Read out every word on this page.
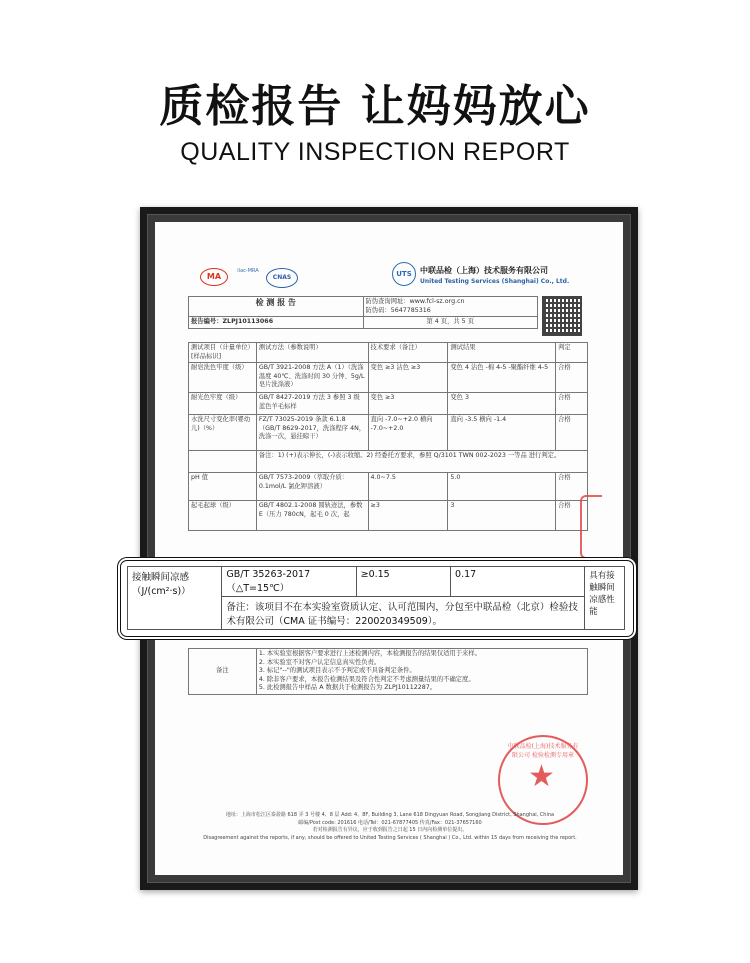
质检报告 让妈妈放心
QUALITY INSPECTION REPORT
MA
ilac-MRA
CNAS	UTS	中联品检（上海）技术服务有限公司
United Testing Services (Shanghai) Co., Ltd.
检 测 报 告	防伪查询网址：www.fcl-sz.org.cn
防伪码：5647785316

报告编号：ZLPJ10113066	第 4 页，共 5 页
测试项目（计量单位）[样品标识]	测试方法（参数说明）	技术要求（备注）	测试结果	判定
耐皂洗色牢度（级）	GB/T 3921-2008 方法 A（1）（洗涤温度 40℃、洗涤时间 30 分钟、5g/L 皂片洗涤液）	变色 ≥3 沾色 ≥3	变色 4 沾色 -棉 4-5 -聚酯纤维 4-5	合格
耐光色牢度（级）	GB/T 8427-2019 方法 3 参照 3 级蓝色羊毛标样	变色 ≥3	变色 3	合格
水洗尺寸变化率(婴幼儿)（%）	FZ/T 73025-2019 条款 6.1.8（GB/T 8629-2017，洗涤程序 4N，洗涤一次，悬挂晾干）	直向 -7.0~+2.0 横向 -7.0~+2.0	直向 -3.5 横向 -1.4	合格
	备注：1) (+)表示伸长，(-)表示收缩。2) 经委托方要求，参照 Q/3101 TWN 002-2023 一等品 进行判定。			
pH 值	GB/T 7573-2009（萃取介质：0.1mol/L 氯化钾溶液）	4.0~7.5	5.0	合格
起毛起球（级）	GB/T 4802.1-2008 圆轨迹法，参数 E（压力 780cN，起毛 0 次，起	≥3	3	合格
备注	
1. 本实验室根据客户要求进行上述检测内容，本检测报告的结果仅适用于来样。
2. 本实验室不对客户认定信息真实性负责。
3. 标记"--"的测试项目表示不予判定或不具备判定条件。
4. 除非客户要求，本报告检测结果及符合性判定不考虑测量结果的不确定度。
5. 此检测报告中样品 A 数据共于检测报告为 ZLPJ10112287。
接触瞬间凉感（J/(cm²·s)）	GB/T 35263-2017（△T=15℃）	≥0.15	0.17	具有接触瞬间凉感性能
备注：该项目不在本实验室资质认定、认可范围内，分包至中联品检（北京）检验技术有限公司（CMA 证书编号：220020349509）。
中联品检(上海)技术服务有限公司 检验检测专用章
★
地址：上海市松江区泰盈路 618 弄 3 号楼 4、8 层 Add: 4、8F, Building 3, Lane 618 Dingyuan Road, Songjiang District, Shanghai, China
邮编/Post code: 201616 电话/Tel：021-67877405 传真/Fax：021-37657160
若对检测报告有异议，应于收到报告之日起 15 日内向检测单位提出。
Disagreement against the reports, if any, should be offered to United Testing Services ( Shanghai ) Co., Ltd. within 15 days from receiving the report.
